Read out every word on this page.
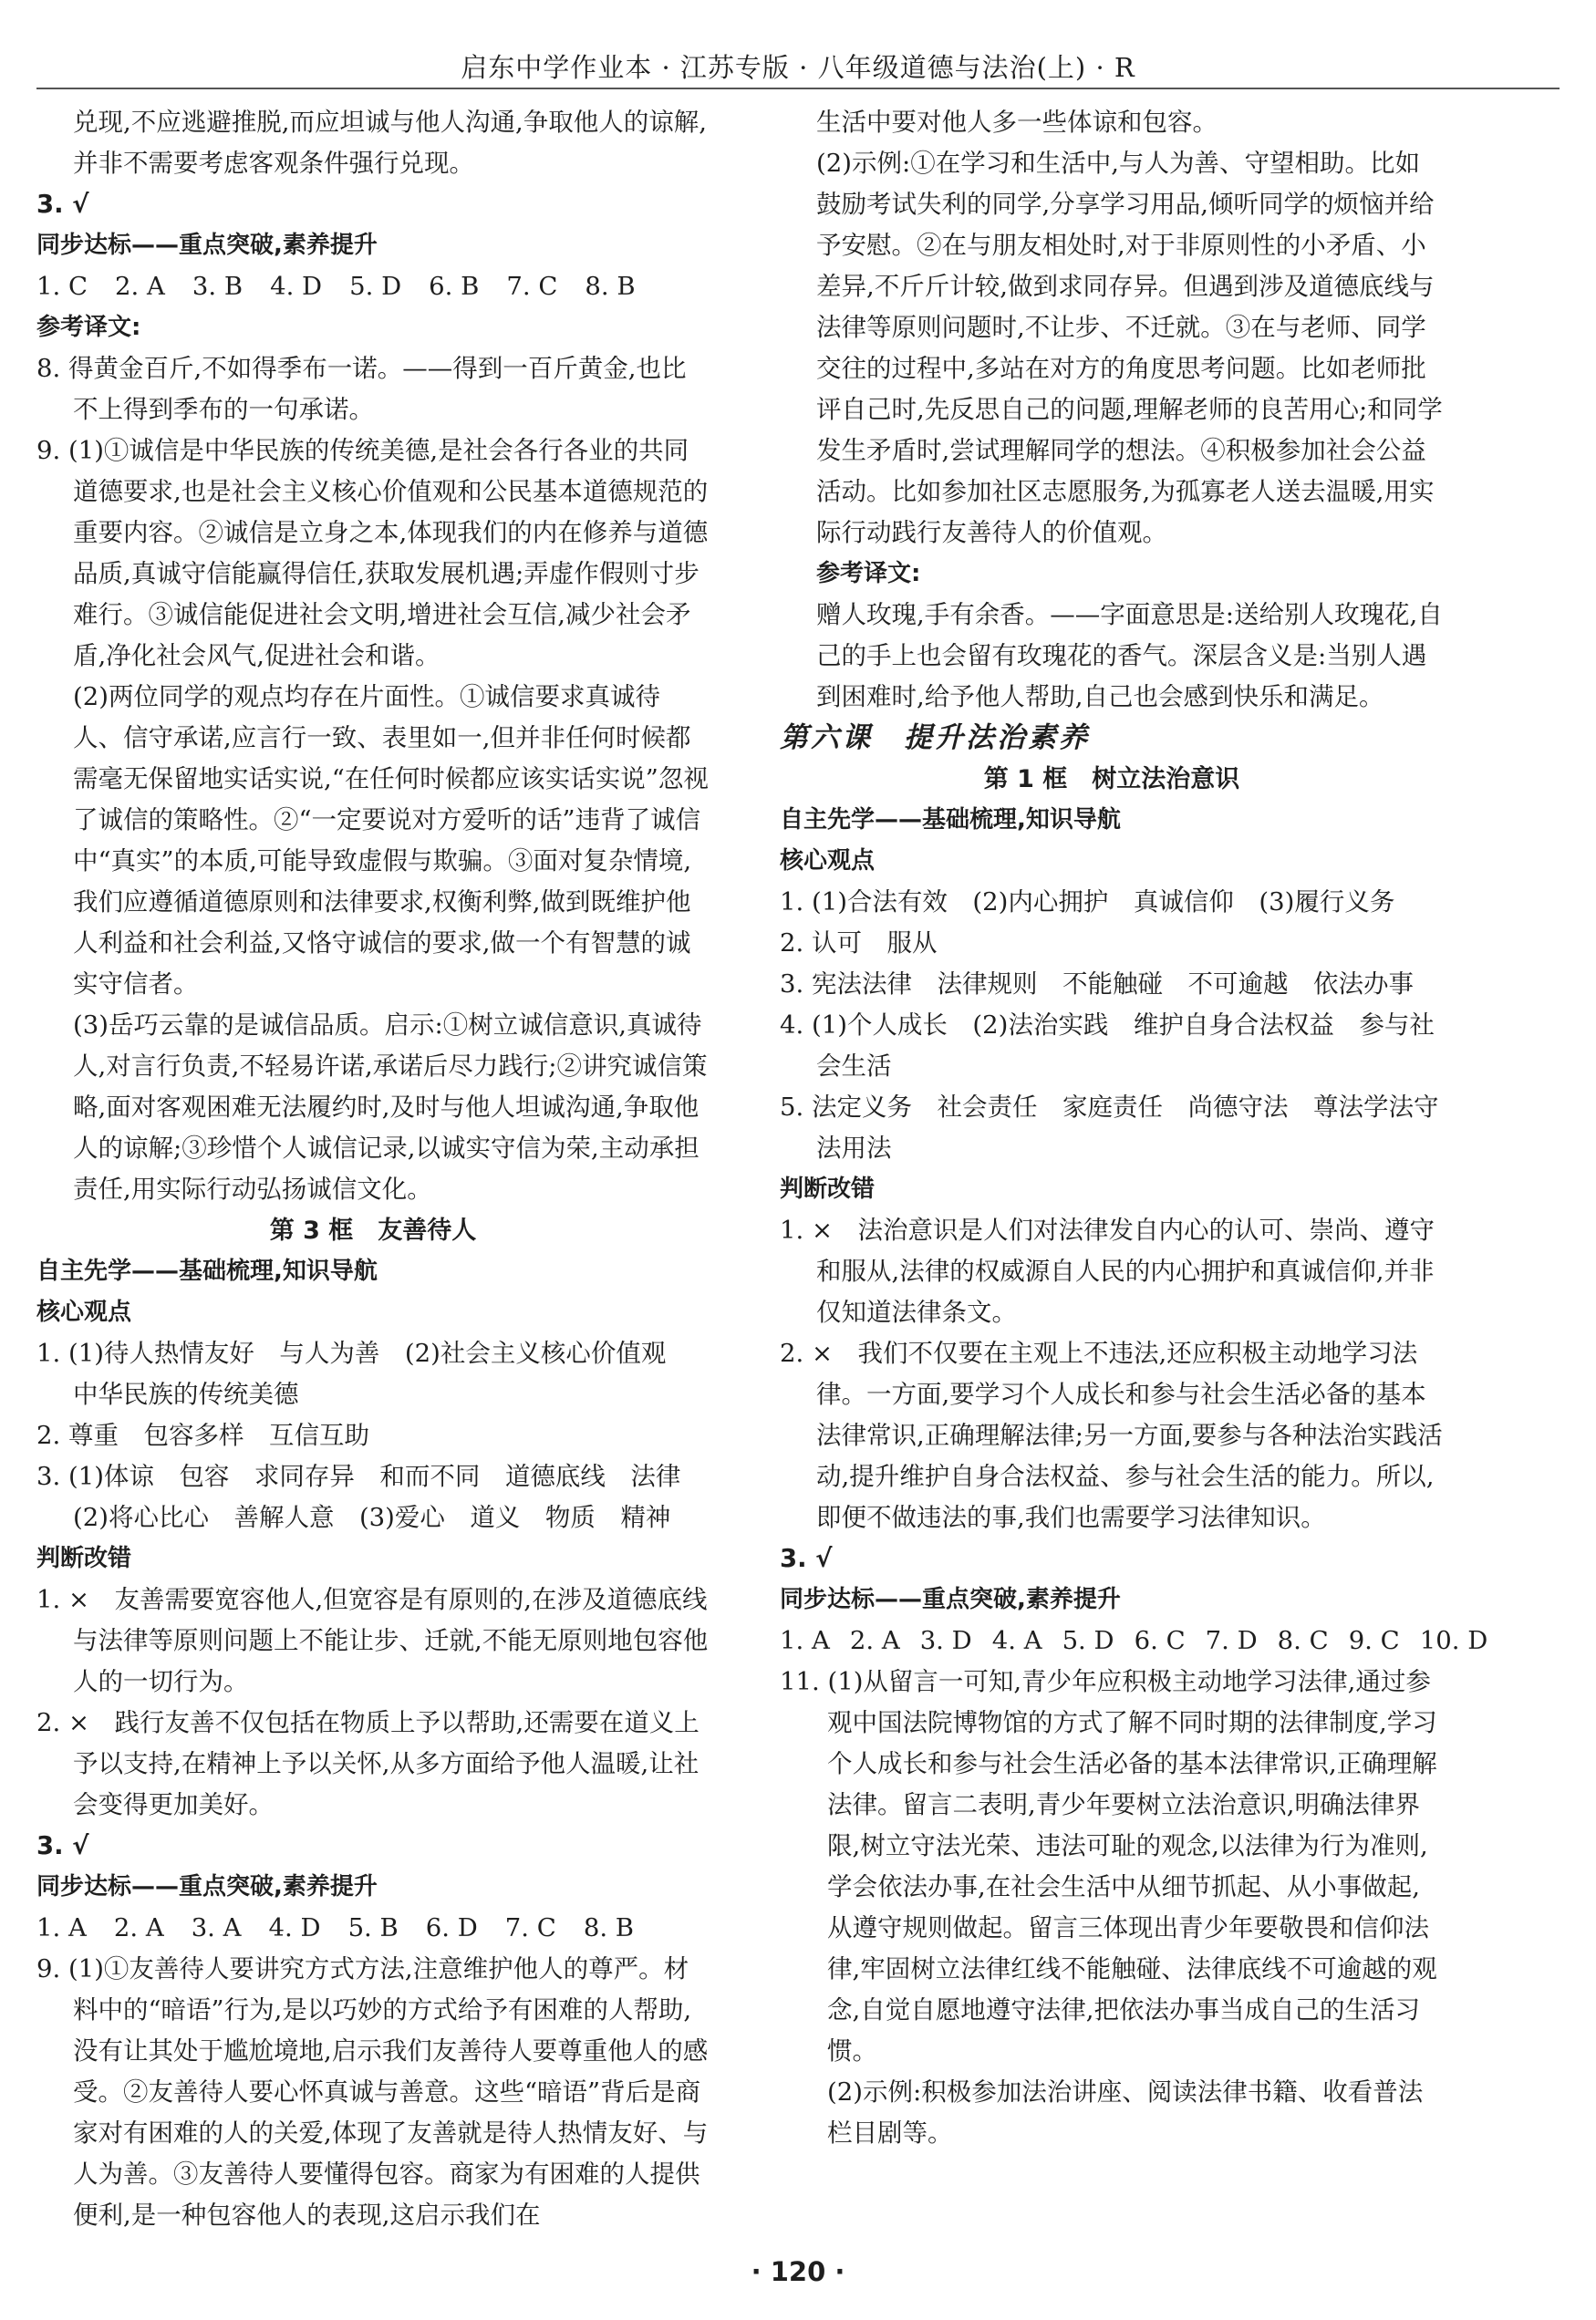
启东中学作业本 · 江苏专版 · 八年级道德与法治(上) · R

兑现,不应逃避推脱,而应坦诚与他人沟通,争取他人的谅解,并非不需要考虑客观条件强行兑现。

3. √

同步达标——重点突破,素养提升

1. C 2. A 3. B 4. D 5. D 6. B 7. C 8. B

参考译文:

8. 得黄金百斤,不如得季布一诺。——得到一百斤黄金,也比不上得到季布的一句承诺。

9. (1)①诚信是中华民族的传统美德,是社会各行各业的共同道德要求,也是社会主义核心价值观和公民基本道德规范的重要内容。②诚信是立身之本,体现我们的内在修养与道德品质,真诚守信能赢得信任,获取发展机遇;弄虚作假则寸步难行。③诚信能促进社会文明,增进社会互信,减少社会矛盾,净化社会风气,促进社会和谐。

(2)两位同学的观点均存在片面性。①诚信要求真诚待人、信守承诺,应言行一致、表里如一,但并非任何时候都需毫无保留地实话实说,“在任何时候都应该实话实说”忽视了诚信的策略性。②“一定要说对方爱听的话”违背了诚信中“真实”的本质,可能导致虚假与欺骗。③面对复杂情境,我们应遵循道德原则和法律要求,权衡利弊,做到既维护他人利益和社会利益,又恪守诚信的要求,做一个有智慧的诚实守信者。

(3)岳巧云靠的是诚信品质。启示:①树立诚信意识,真诚待人,对言行负责,不轻易许诺,承诺后尽力践行;②讲究诚信策略,面对客观困难无法履约时,及时与他人坦诚沟通,争取他人的谅解;③珍惜个人诚信记录,以诚实守信为荣,主动承担责任,用实际行动弘扬诚信文化。

第 3 框　友善待人

自主先学——基础梳理,知识导航

核心观点

1. (1)待人热情友好　与人为善　(2)社会主义核心价值观　中华民族的传统美德

2. 尊重　包容多样　互信互助

3. (1)体谅　包容　求同存异　和而不同　道德底线　法律　(2)将心比心　善解人意　(3)爱心　道义　物质　精神

判断改错

1. ×　友善需要宽容他人,但宽容是有原则的,在涉及道德底线与法律等原则问题上不能让步、迁就,不能无原则地包容他人的一切行为。

2. ×　践行友善不仅包括在物质上予以帮助,还需要在道义上予以支持,在精神上予以关怀,从多方面给予他人温暖,让社会变得更加美好。

3. √

同步达标——重点突破,素养提升

1. A 2. A 3. A 4. D 5. B 6. D 7. C 8. B

9. (1)①友善待人要讲究方式方法,注意维护他人的尊严。材料中的“暗语”行为,是以巧妙的方式给予有困难的人帮助,没有让其处于尴尬境地,启示我们友善待人要尊重他人的感受。②友善待人要心怀真诚与善意。这些“暗语”背后是商家对有困难的人的关爱,体现了友善就是待人热情友好、与人为善。③友善待人要懂得包容。商家为有困难的人提供便利,是一种包容他人的表现,这启示我们在

生活中要对他人多一些体谅和包容。

(2)示例:①在学习和生活中,与人为善、守望相助。比如鼓励考试失利的同学,分享学习用品,倾听同学的烦恼并给予安慰。②在与朋友相处时,对于非原则性的小矛盾、小差异,不斤斤计较,做到求同存异。但遇到涉及道德底线与法律等原则问题时,不让步、不迁就。③在与老师、同学交往的过程中,多站在对方的角度思考问题。比如老师批评自己时,先反思自己的问题,理解老师的良苦用心;和同学发生矛盾时,尝试理解同学的想法。④积极参加社会公益活动。比如参加社区志愿服务,为孤寡老人送去温暖,用实际行动践行友善待人的价值观。

参考译文:

赠人玫瑰,手有余香。——字面意思是:送给别人玫瑰花,自己的手上也会留有玫瑰花的香气。深层含义是:当别人遇到困难时,给予他人帮助,自己也会感到快乐和满足。

第六课　提升法治素养

第 1 框　树立法治意识

自主先学——基础梳理,知识导航

核心观点

1. (1)合法有效　(2)内心拥护　真诚信仰　(3)履行义务

2. 认可　服从

3. 宪法法律　法律规则　不能触碰　不可逾越　依法办事

4. (1)个人成长　(2)法治实践　维护自身合法权益　参与社会生活

5. 法定义务　社会责任　家庭责任　尚德守法　尊法学法守法用法

判断改错

1. ×　法治意识是人们对法律发自内心的认可、崇尚、遵守和服从,法律的权威源自人民的内心拥护和真诚信仰,并非仅知道法律条文。

2. ×　我们不仅要在主观上不违法,还应积极主动地学习法律。一方面,要学习个人成长和参与社会生活必备的基本法律常识,正确理解法律;另一方面,要参与各种法治实践活动,提升维护自身合法权益、参与社会生活的能力。所以,即便不做违法的事,我们也需要学习法律知识。

3. √

同步达标——重点突破,素养提升

1. A 2. A 3. D 4. A 5. D 6. C 7. D 8. C 9. C 10. D

11. (1)从留言一可知,青少年应积极主动地学习法律,通过参观中国法院博物馆的方式了解不同时期的法律制度,学习个人成长和参与社会生活必备的基本法律常识,正确理解法律。留言二表明,青少年要树立法治意识,明确法律界限,树立守法光荣、违法可耻的观念,以法律为行为准则,学会依法办事,在社会生活中从细节抓起、从小事做起,从遵守规则做起。留言三体现出青少年要敬畏和信仰法律,牢固树立法律红线不能触碰、法律底线不可逾越的观念,自觉自愿地遵守法律,把依法办事当成自己的生活习惯。

(2)示例:积极参加法治讲座、阅读法律书籍、收看普法栏目剧等。

· 120 ·
